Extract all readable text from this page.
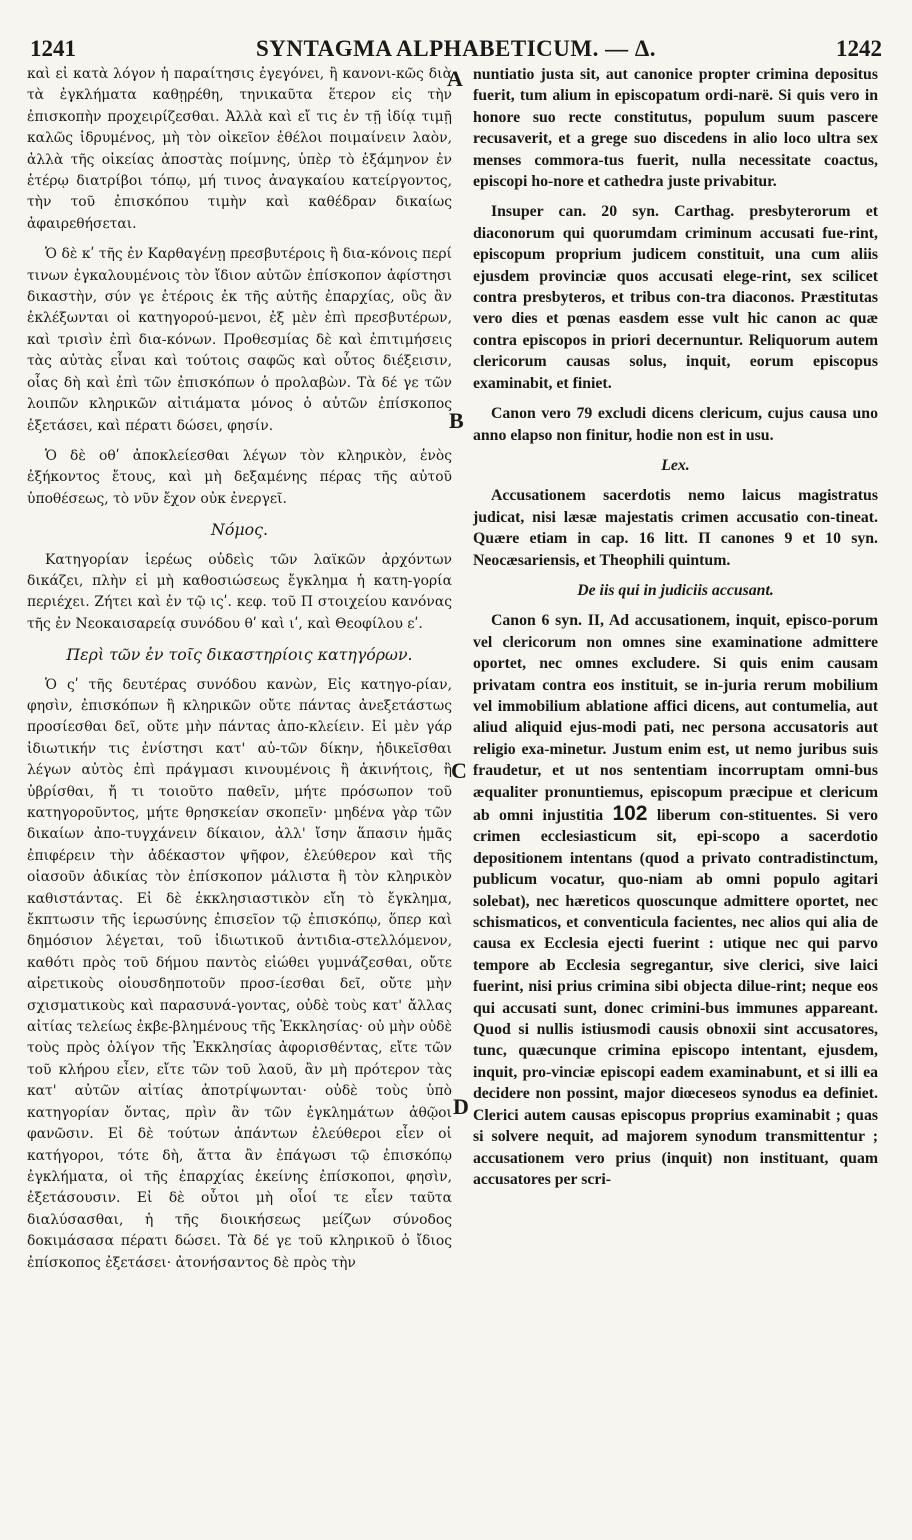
1241	SYNTAGMA ALPHABETICUM. — Δ.	1242

καὶ εἰ κατὰ λόγον ἡ παραίτησις ἐγεγόνει, ἢ κανονι-κῶς διὰ τὰ ἐγκλήματα καθῃρέθη, τηνικαῦτα ἕτερον εἰς τὴν ἐπισκοπὴν προχειρίζεσθαι. Ἀλλὰ καὶ εἴ τις ἐν τῇ ἰδίᾳ τιμῇ καλῶς ἱδρυμένος, μὴ τὸν οἰκεῖον ἐθέλοι ποιμαίνειν λαὸν, ἀλλὰ τῆς οἰκείας ἀποστὰς ποίμνης, ὑπὲρ τὸ ἑξάμηνον ἐν ἑτέρῳ διατρίβοι τόπῳ, μή τινος ἀναγκαίου κατείργοντος, τὴν τοῦ ἐπισκόπου τιμὴν καὶ καθέδραν δικαίως ἀφαιρεθήσεται.

Ὁ δὲ κʹ τῆς ἐν Καρθαγένῃ πρεσβυτέροις ἢ δια-κόνοις περί τινων ἐγκαλουμένοις τὸν ἴδιον αὐτῶν ἐπίσκοπον ἀφίστησι δικαστὴν, σύν γε ἑτέροις ἐκ τῆς αὐτῆς ἐπαρχίας, οὓς ἂν ἐκλέξωνται οἱ κατηγορού-μενοι, ἐξ μὲν ἐπὶ πρεσβυτέρων, καὶ τρισὶν ἐπὶ δια-κόνων. Προθεσμίας δὲ καὶ ἐπιτιμήσεις τὰς αὐτὰς εἶναι καὶ τούτοις σαφῶς καὶ οὗτος διέξεισιν, οἷας δὴ καὶ ἐπὶ τῶν ἐπισκόπων ὁ προλαβὼν. Τὰ δέ γε τῶν λοιπῶν κληρικῶν αἰτιάματα μόνος ὁ αὐτῶν ἐπίσκοπος ἐξετάσει, καὶ πέρατι δώσει, φησίν.

Ὁ δὲ οθʹ ἀποκλείεσθαι λέγων τὸν κληρικὸν, ἑνὸς ἐξήκοντος ἔτους, καὶ μὴ δεξαμένης πέρας τῆς αὐτοῦ ὑποθέσεως, τὸ νῦν ἔχον οὐκ ἐνεργεῖ.

Νόμος.

Κατηγορίαν ἱερέως οὐδεὶς τῶν λαϊκῶν ἀρχόντων δικάζει, πλὴν εἰ μὴ καθοσιώσεως ἔγκλημα ἡ κατη-γορία περιέχει. Ζήτει καὶ ἐν τῷ ιςʹ. κεφ. τοῦ Π στοιχείου κανόνας τῆς ἐν Νεοκαισαρείᾳ συνόδου θʹ καὶ ιʹ, καὶ Θεοφίλου εʹ.

Περὶ τῶν ἐν τοῖς δικαστηρίοις κατηγόρων.

Ὁ ςʹ τῆς δευτέρας συνόδου κανὼν, Εἰς κατηγο-ρίαν, φησὶν, ἐπισκόπων ἢ κληρικῶν οὔτε πάντας ἀνεξετάστως προσίεσθαι δεῖ, οὔτε μὴν πάντας ἀπο-κλείειν. Εἰ μὲν γάρ ἰδιωτικήν τις ἐνίστησι κατ' αὐ-τῶν δίκην, ἠδικεῖσθαι λέγων αὐτὸς ἐπὶ πράγμασι κινουμένοις ἢ ἀκινήτοις, ἢ ὑβρίσθαι, ἤ τι τοιοῦτο παθεῖν, μήτε πρόσωπον τοῦ κατηγοροῦντος, μήτε θρησκείαν σκοπεῖν· μηδένα γὰρ τῶν δικαίων ἀπο-τυγχάνειν δίκαιον, ἀλλ' ἴσην ἅπασιν ἡμᾶς ἐπιφέρειν τὴν ἀδέκαστον ψῆφον, ἐλεύθερον καὶ τῆς οἱασοῦν ἀδικίας τὸν ἐπίσκοπον μάλιστα ἢ τὸν κληρικὸν καθιστάντας. Εἰ δὲ ἐκκλησιαστικὸν εἴη τὸ ἔγκλημα, ἔκπτωσιν τῆς ἱερωσύνης ἐπισεῖον τῷ ἐπισκόπῳ, ὅπερ καὶ δημόσιον λέγεται, τοῦ ἰδιωτικοῦ ἀντιδια-στελλόμενον, καθότι πρὸς τοῦ δήμου παντὸς εἰώθει γυμνάζεσθαι, οὔτε αἱρετικοὺς οἱουσδηποτοῦν προσ-ίεσθαι δεῖ, οὔτε μὴν σχισματικοὺς καὶ παρασυνά-γοντας, οὐδὲ τοὺς κατ' ἄλλας αἰτίας τελείως ἐκβε-βλημένους τῆς Ἐκκλησίας· οὐ μὴν οὐδὲ τοὺς πρὸς ὀλίγον τῆς Ἐκκλησίας ἀφορισθέντας, εἴτε τῶν τοῦ κλήρου εἶεν, εἴτε τῶν τοῦ λαοῦ, ἂν μὴ πρότερον τὰς κατ' αὐτῶν αἰτίας ἀποτρίψωνται· οὐδὲ τοὺς ὑπὸ κατηγορίαν ὄντας, πρὶν ἂν τῶν ἐγκλημάτων ἀθῷοι φανῶσιν. Εἰ δὲ τούτων ἁπάντων ἐλεύθεροι εἶεν οἱ κατήγοροι, τότε δὴ, ἅττα ἂν ἐπάγωσι τῷ ἐπισκόπῳ ἐγκλήματα, οἱ τῆς ἐπαρχίας ἐκείνης ἐπίσκοποι, φησὶν, ἐξετάσουσιν. Εἰ δὲ οὗτοι μὴ οἷοί τε εἶεν ταῦτα διαλύσασθαι, ἡ τῆς διοικήσεως μείζων σύνοδος δοκιμάσασα πέρατι δώσει. Τὰ δέ γε τοῦ κληρικοῦ ὁ ἴδιος ἐπίσκοπος ἐξετάσει· ἀτονήσαντος δὲ πρὸς τὴν

nuntiatio justa sit, aut canonice propter crimina depositus fuerit, tum alium in episcopatum ordi-narë. Si quis vero in honore suo recte constitutus, populum suum pascere recusaverit, et a grege suo discedens in alio loco ultra sex menses commora-tus fuerit, nulla necessitate coactus, episcopi ho-nore et cathedra juste privabitur.

Insuper can. 20 syn. Carthag. presbyterorum et diaconorum qui quorumdam criminum accusati fue-rint, episcopum proprium judicem constituit, una cum aliis ejusdem provinciæ quos accusati elege-rint, sex scilicet contra presbyteros, et tribus con-tra diaconos. Præstitutas vero dies et pœnas easdem esse vult hic canon ac quæ contra episcopos in priori decernuntur. Reliquorum autem clericorum causas solus, inquit, eorum episcopus examinabit, et finiet.

Canon vero 79 excludi dicens clericum, cujus causa uno anno elapso non finitur, hodie non est in usu.

Lex.

Accusationem sacerdotis nemo laicus magistratus judicat, nisi læsæ majestatis crimen accusatio con-tineat. Quære etiam in cap. 16 litt. Π canones 9 et 10 syn. Neocæsariensis, et Theophili quintum.

De iis qui in judiciis accusant.

Canon 6 syn. II, Ad accusationem, inquit, episco-porum vel clericorum non omnes sine examinatione admittere oportet, nec omnes excludere. Si quis enim causam privatam contra eos instituit, se in-juria rerum mobilium vel immobilium ablatione affici dicens, aut contumelia, aut aliud aliquid ejus-modi pati, nec persona accusatoris aut religio exa-minetur. Justum enim est, ut nemo juribus suis fraudetur, et ut nos sententiam incorruptam omni-bus æqualiter pronuntiemus, episcopum præcipue et clericum ab omni injustitia 102 liberum con-stituentes. Si vero crimen ecclesiasticum sit, epi-scopo a sacerdotio depositionem intentans (quod a privato contradistinctum, publicum vocatur, quo-niam ab omni populo agitari solebat), nec hæreticos quoscunque admittere oportet, nec schismaticos, et conventicula facientes, nec alios qui alia de causa ex Ecclesia ejecti fuerint : utique nec qui parvo tempore ab Ecclesia segregantur, sive clerici, sive laici fuerint, nisi prius crimina sibi objecta dilue-rint; neque eos qui accusati sunt, donec crimini-bus immunes appareant. Quod si nullis istiusmodi causis obnoxii sint accusatores, tunc, quæcunque crimina episcopo intentant, ejusdem, inquit, pro-vinciæ episcopi eadem examinabunt, et si illi ea decidere non possint, major diœceseos synodus ea definiet. Clerici autem causas episcopus proprius examinabit ; quas si solvere nequit, ad majorem synodum transmittentur ; accusationem vero prius (inquit) non instituant, quam accusatores per scri-

A
B
C
D
